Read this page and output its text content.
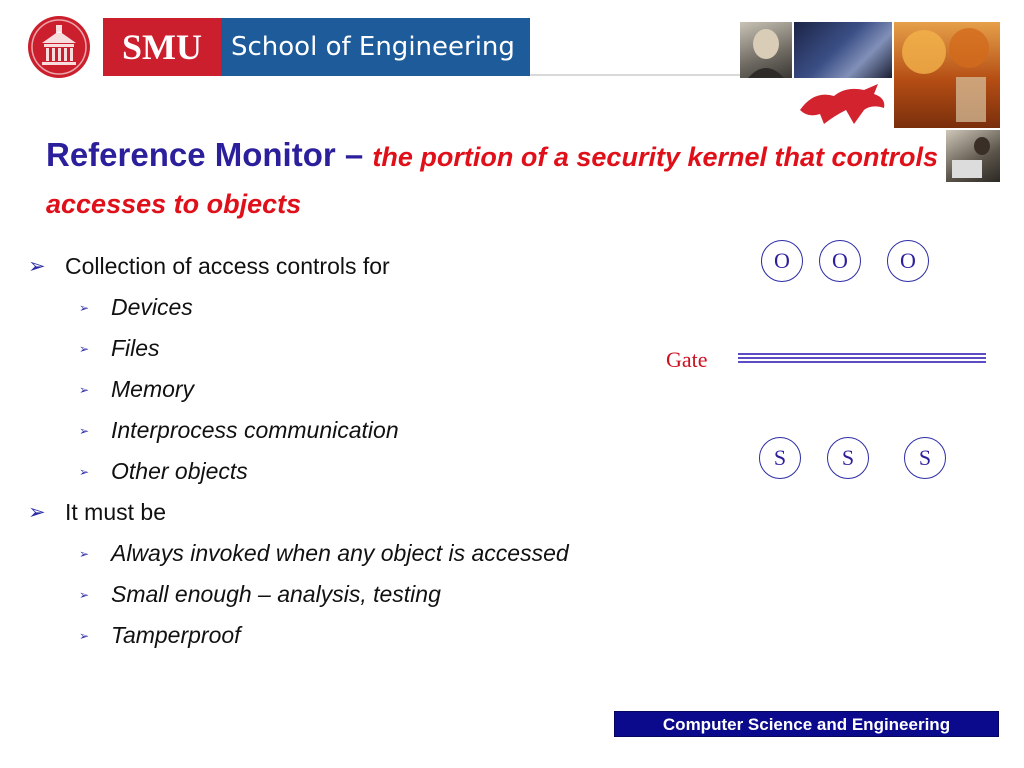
SMU	School of Engineering
Reference Monitor – the portion of a security kernel that controls accesses to objects
➢ Collection of access controls for
➢ Devices
➢ Files
➢ Memory
➢ Interprocess communication
➢ Other objects
➢ It must be
➢ Always invoked when any object is accessed
➢ Small enough – analysis, testing
➢ Tamperproof
O	O	O
Gate
S	S	S
Computer Science and Engineering
